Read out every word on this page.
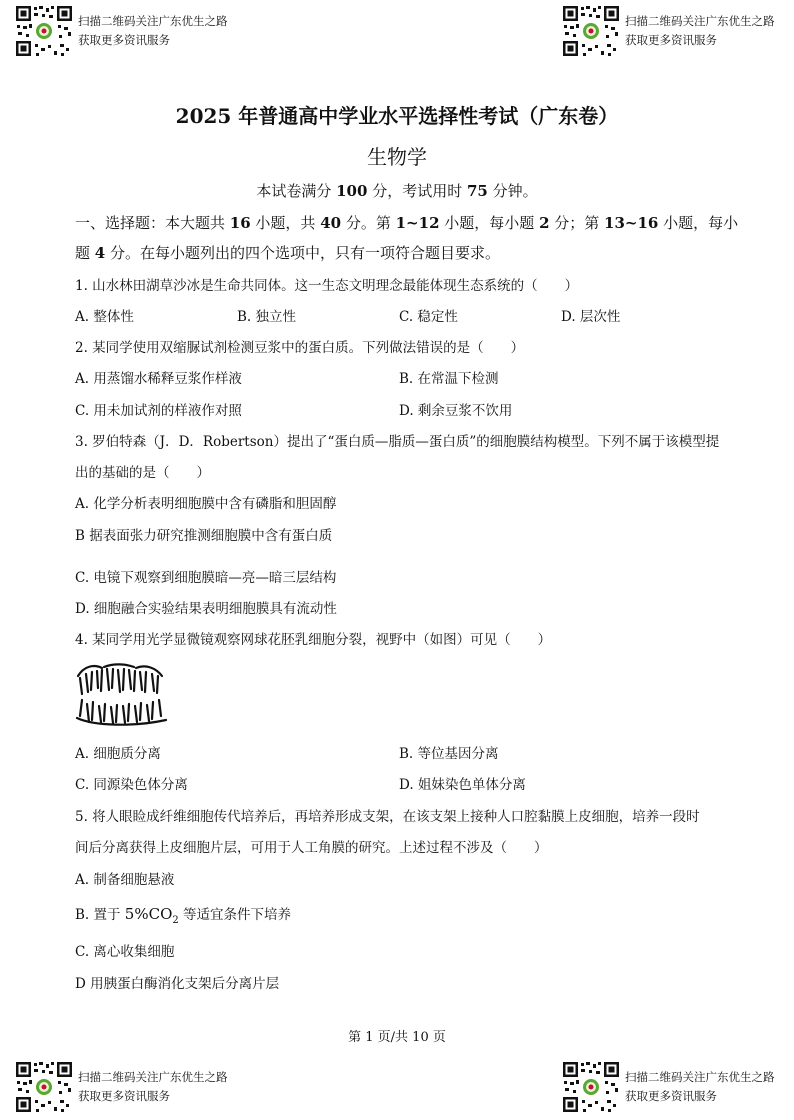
扫描二维码关注广东优生之路
获取更多资讯服务
扫描二维码关注广东优生之路
获取更多资讯服务
2025 年普通高中学业水平选择性考试（广东卷）
生物学
本试卷满分 100 分，考试用时 75 分钟。
一、选择题：本大题共 16 小题，共 40 分。第 1~12 小题，每小题 2 分；第 13~16 小题，每小
题 4 分。在每小题列出的四个选项中，只有一项符合题目要求。
1. 山水林田湖草沙冰是生命共同体。这一生态文明理念最能体现生态系统的（　　）
A. 整体性	B. 独立性	C. 稳定性	D. 层次性
2. 某同学使用双缩脲试剂检测豆浆中的蛋白质。下列做法错误的是（　　）
A. 用蒸馏水稀释豆浆作样液	B. 在常温下检测
C. 用未加试剂的样液作对照	D. 剩余豆浆不饮用
3. 罗伯特森（J．D．Robertson）提出了“蛋白质—脂质—蛋白质”的细胞膜结构模型。下列不属于该模型提
出的基础的是（　　）
A. 化学分析表明细胞膜中含有磷脂和胆固醇
B 据表面张力研究推测细胞膜中含有蛋白质
C. 电镜下观察到细胞膜暗—亮—暗三层结构
D. 细胞融合实验结果表明细胞膜具有流动性
4. 某同学用光学显微镜观察网球花胚乳细胞分裂，视野中（如图）可见（　　）
A. 细胞质分离	B. 等位基因分离
C. 同源染色体分离	D. 姐妹染色单体分离
5. 将人眼睑成纤维细胞传代培养后，再培养形成支架，在该支架上接种人口腔黏膜上皮细胞，培养一段时
间后分离获得上皮细胞片层，可用于人工角膜的研究。上述过程不涉及（　　）
A. 制备细胞悬液
B. 置于 $5\%CO_2$ 等适宜条件下培养
C. 离心收集细胞
D 用胰蛋白酶消化支架后分离片层
第 1 页/共 10 页
扫描二维码关注广东优生之路
获取更多资讯服务
扫描二维码关注广东优生之路
获取更多资讯服务
